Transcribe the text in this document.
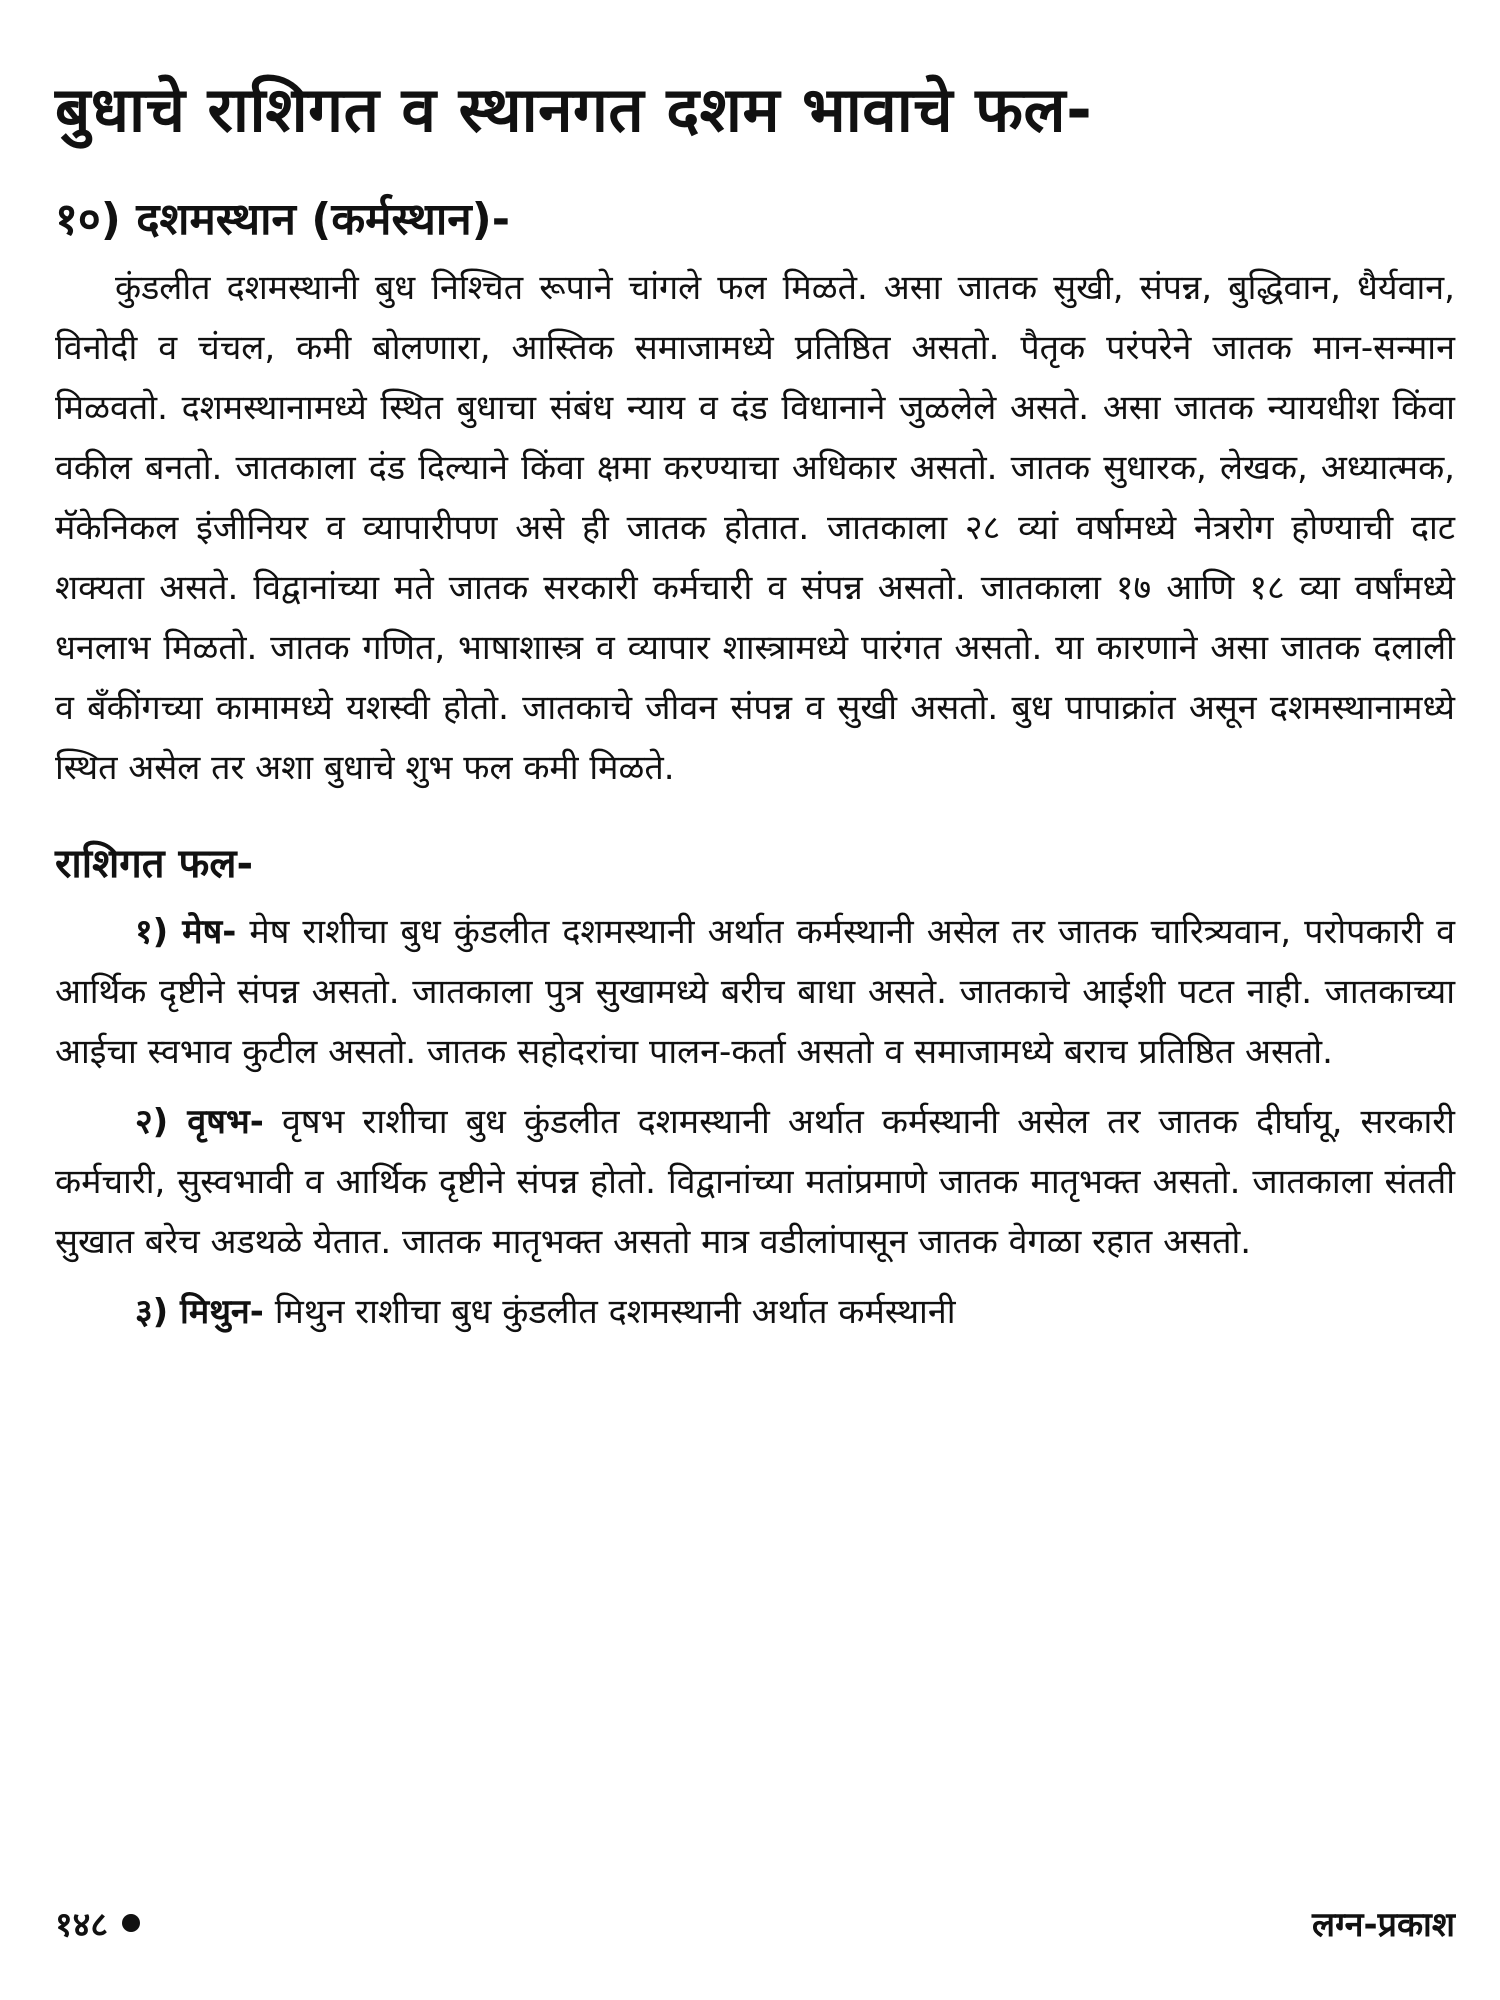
बुधाचे राशिगत व स्थानगत दशम भावाचे फल-
१०) दशमस्थान (कर्मस्थान)-

कुंडलीत दशमस्थानी बुध निश्चित रूपाने चांगले फल मिळते. असा जातक सुखी, संपन्न, बुद्धिवान, धैर्यवान, विनोदी व चंचल, कमी बोलणारा, आस्तिक समाजामध्ये प्रतिष्ठित असतो. पैतृक परंपरेने जातक मान-सन्मान मिळवतो. दशमस्थानामध्ये स्थित बुधाचा संबंध न्याय व दंड विधानाने जुळलेले असते. असा जातक न्यायधीश किंवा वकील बनतो. जातकाला दंड दिल्याने किंवा क्षमा करण्याचा अधिकार असतो. जातक सुधारक, लेखक, अध्यात्मक, मॅकेनिकल इंजीनियर व व्यापारीपण असे ही जातक होतात. जातकाला २८ व्यां वर्षामध्ये नेत्ररोग होण्याची दाट शक्यता असते. विद्वानांच्या मते जातक सरकारी कर्मचारी व संपन्न असतो. जातकाला १७ आणि १८ व्या वर्षांमध्ये धनलाभ मिळतो. जातक गणित, भाषाशास्त्र व व्यापार शास्त्रामध्ये पारंगत असतो. या कारणाने असा जातक दलाली व बँकींगच्या कामामध्ये यशस्वी होतो. जातकाचे जीवन संपन्न व सुखी असतो. बुध पापाक्रांत असून दशमस्थानामध्ये स्थित असेल तर अशा बुधाचे शुभ फल कमी मिळते.

राशिगत फल-

१) मेष- मेष राशीचा बुध कुंडलीत दशमस्थानी अर्थात कर्मस्थानी असेल तर जातक चारित्र्यवान, परोपकारी व आर्थिक दृष्टीने संपन्न असतो. जातकाला पुत्र सुखामध्ये बरीच बाधा असते. जातकाचे आईशी पटत नाही. जातकाच्या आईचा स्वभाव कुटील असतो. जातक सहोदरांचा पालन-कर्ता असतो व समाजामध्ये बराच प्रतिष्ठित असतो.

२) वृषभ- वृषभ राशीचा बुध कुंडलीत दशमस्थानी अर्थात कर्मस्थानी असेल तर जातक दीर्घायू, सरकारी कर्मचारी, सुस्वभावी व आर्थिक दृष्टीने संपन्न होतो. विद्वानांच्या मतांप्रमाणे जातक मातृभक्त असतो. जातकाला संतती सुखात बरेच अडथळे येतात. जातक मातृभक्त असतो मात्र वडीलांपासून जातक वेगळा रहात असतो.

३) मिथुन- मिथुन राशीचा बुध कुंडलीत दशमस्थानी अर्थात कर्मस्थानी

१४८	लग्न-प्रकाश
